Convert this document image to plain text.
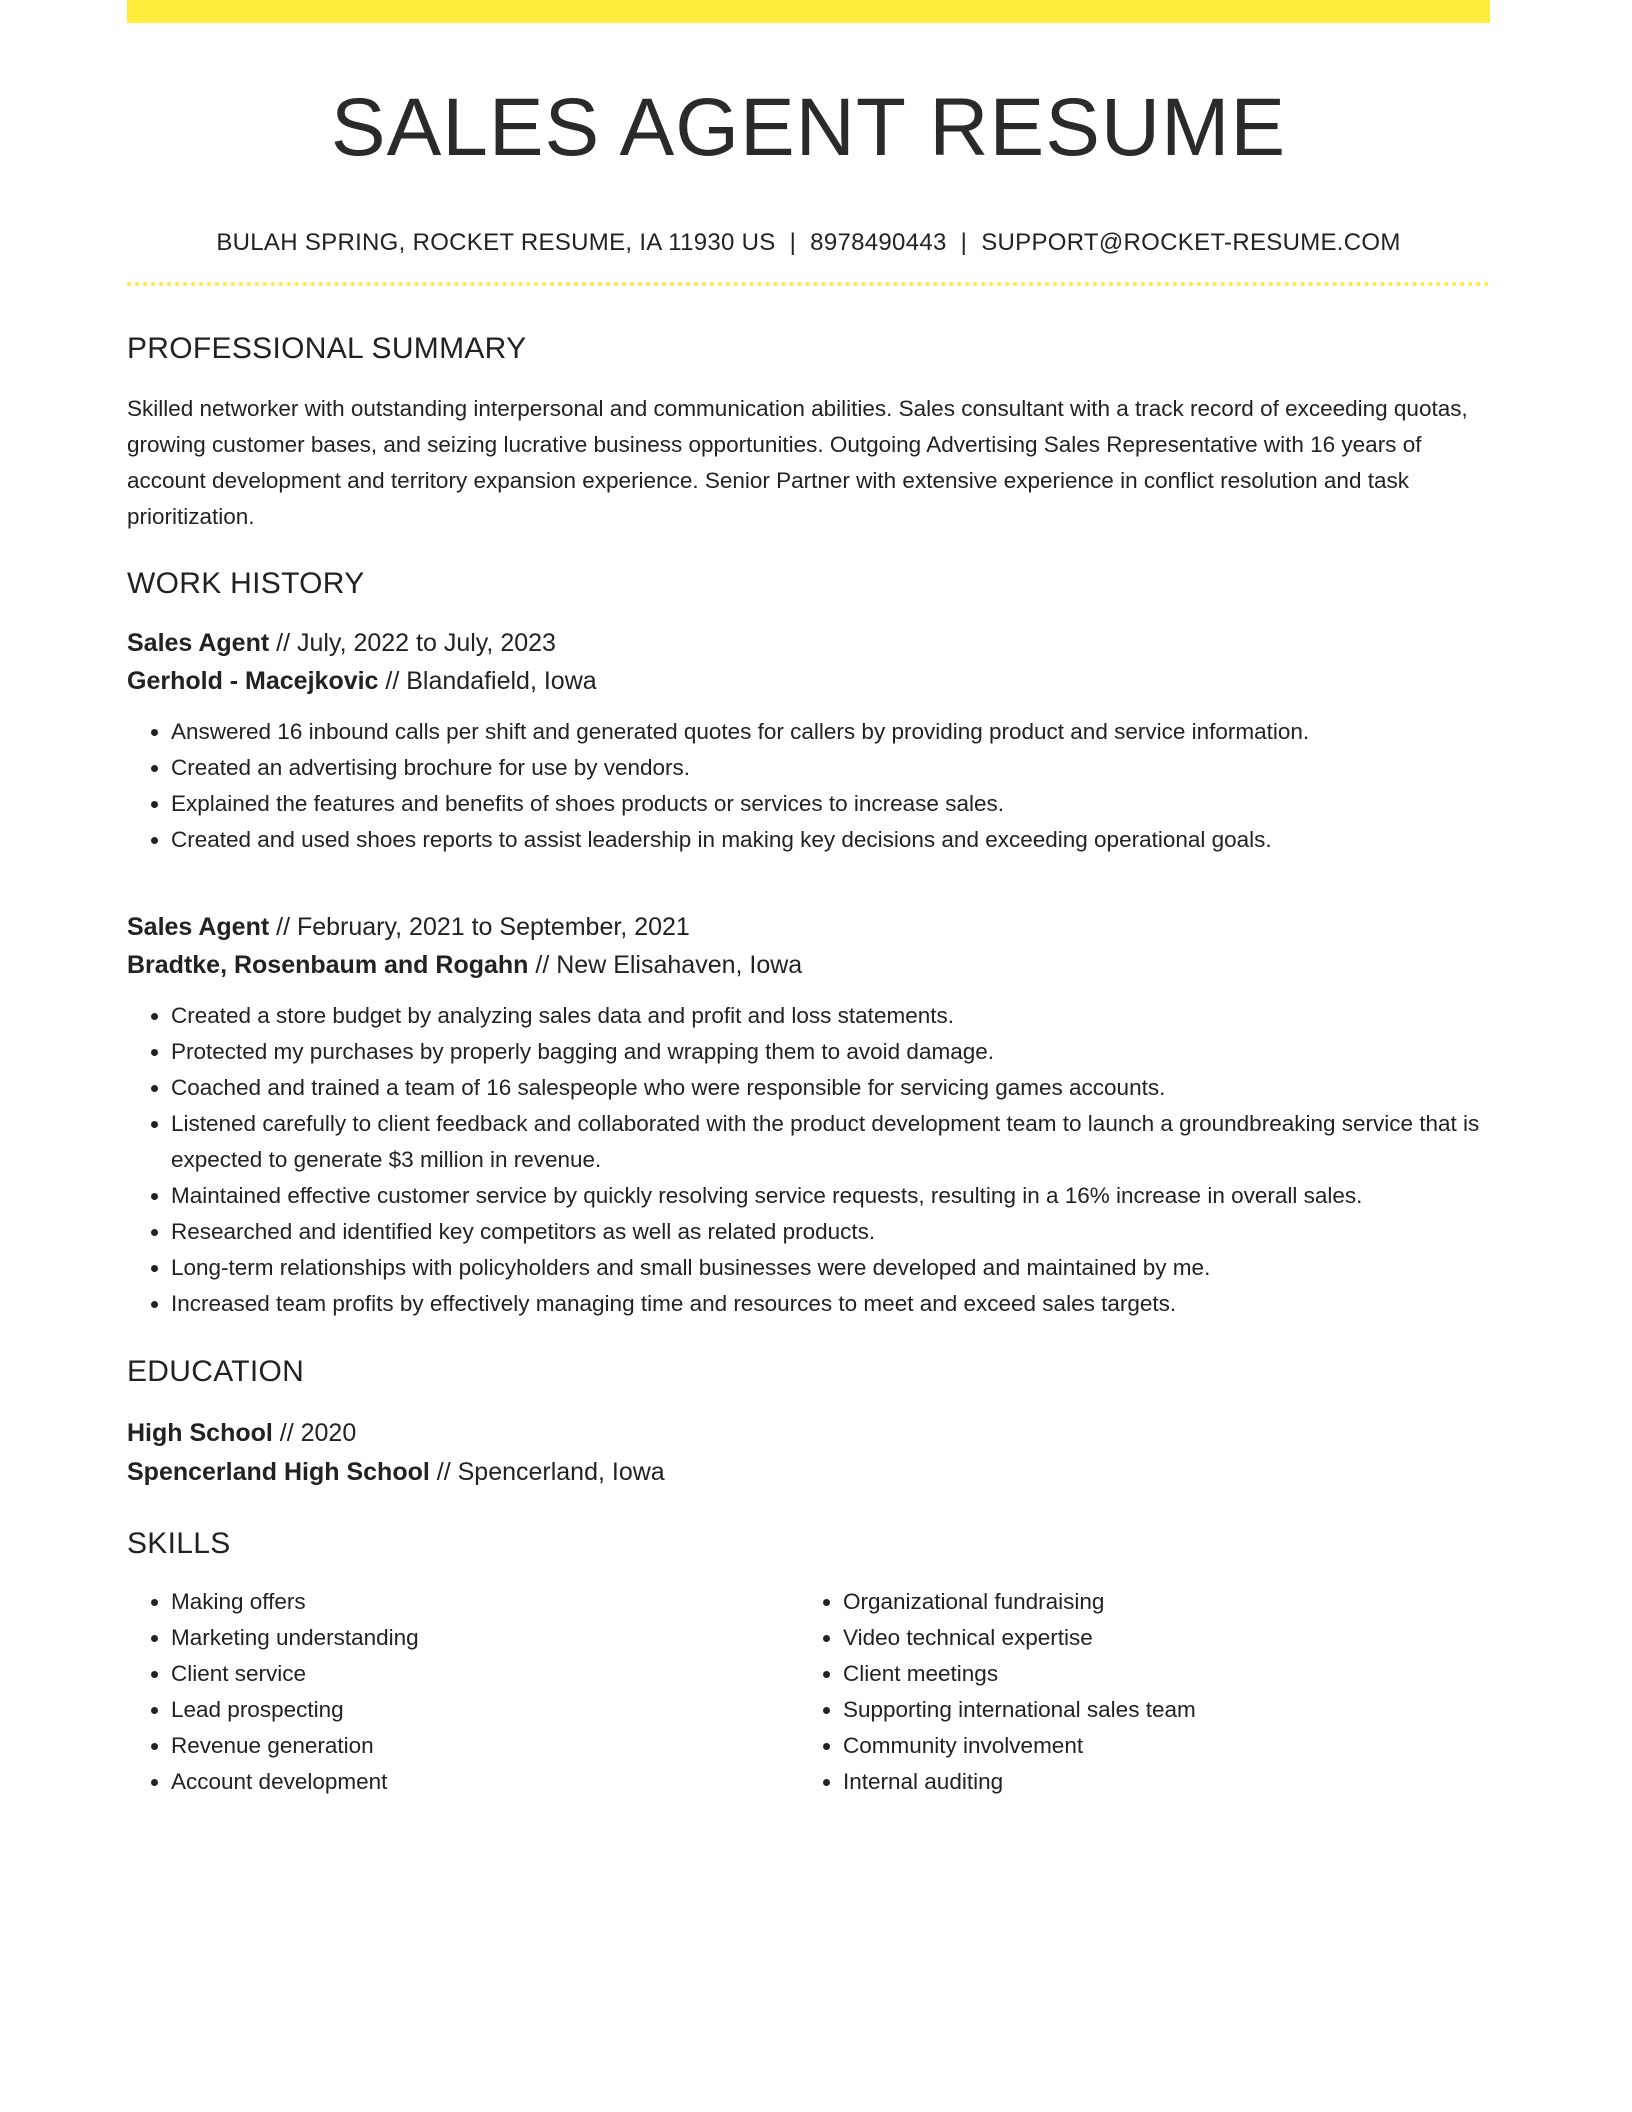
SALES AGENT RESUME
BULAH SPRING, ROCKET RESUME, IA 11930 US | 8978490443 | SUPPORT@ROCKET-RESUME.COM
PROFESSIONAL SUMMARY

Skilled networker with outstanding interpersonal and communication abilities. Sales consultant with a track record of exceeding quotas, growing customer bases, and seizing lucrative business opportunities. Outgoing Advertising Sales Representative with 16 years of account development and territory expansion experience. Senior Partner with extensive experience in conflict resolution and task prioritization.

WORK HISTORY
Sales Agent // July, 2022 to July, 2023
Gerhold - Macejkovic // Blandafield, Iowa
• Answered 16 inbound calls per shift and generated quotes for callers by providing product and service information.
• Created an advertising brochure for use by vendors.
• Explained the features and benefits of shoes products or services to increase sales.
• Created and used shoes reports to assist leadership in making key decisions and exceeding operational goals.
Sales Agent // February, 2021 to September, 2021
Bradtke, Rosenbaum and Rogahn // New Elisahaven, Iowa
• Created a store budget by analyzing sales data and profit and loss statements.
• Protected my purchases by properly bagging and wrapping them to avoid damage.
• Coached and trained a team of 16 salespeople who were responsible for servicing games accounts.
• Listened carefully to client feedback and collaborated with the product development team to launch a groundbreaking service that is expected to generate $3 million in revenue.
• Maintained effective customer service by quickly resolving service requests, resulting in a 16% increase in overall sales.
• Researched and identified key competitors as well as related products.
• Long-term relationships with policyholders and small businesses were developed and maintained by me.
• Increased team profits by effectively managing time and resources to meet and exceed sales targets.
EDUCATION
High School // 2020
Spencerland High School // Spencerland, Iowa
SKILLS
• Making offers
• Marketing understanding
• Client service
• Lead prospecting
• Revenue generation
• Account development
• Organizational fundraising
• Video technical expertise
• Client meetings
• Supporting international sales team
• Community involvement
• Internal auditing
